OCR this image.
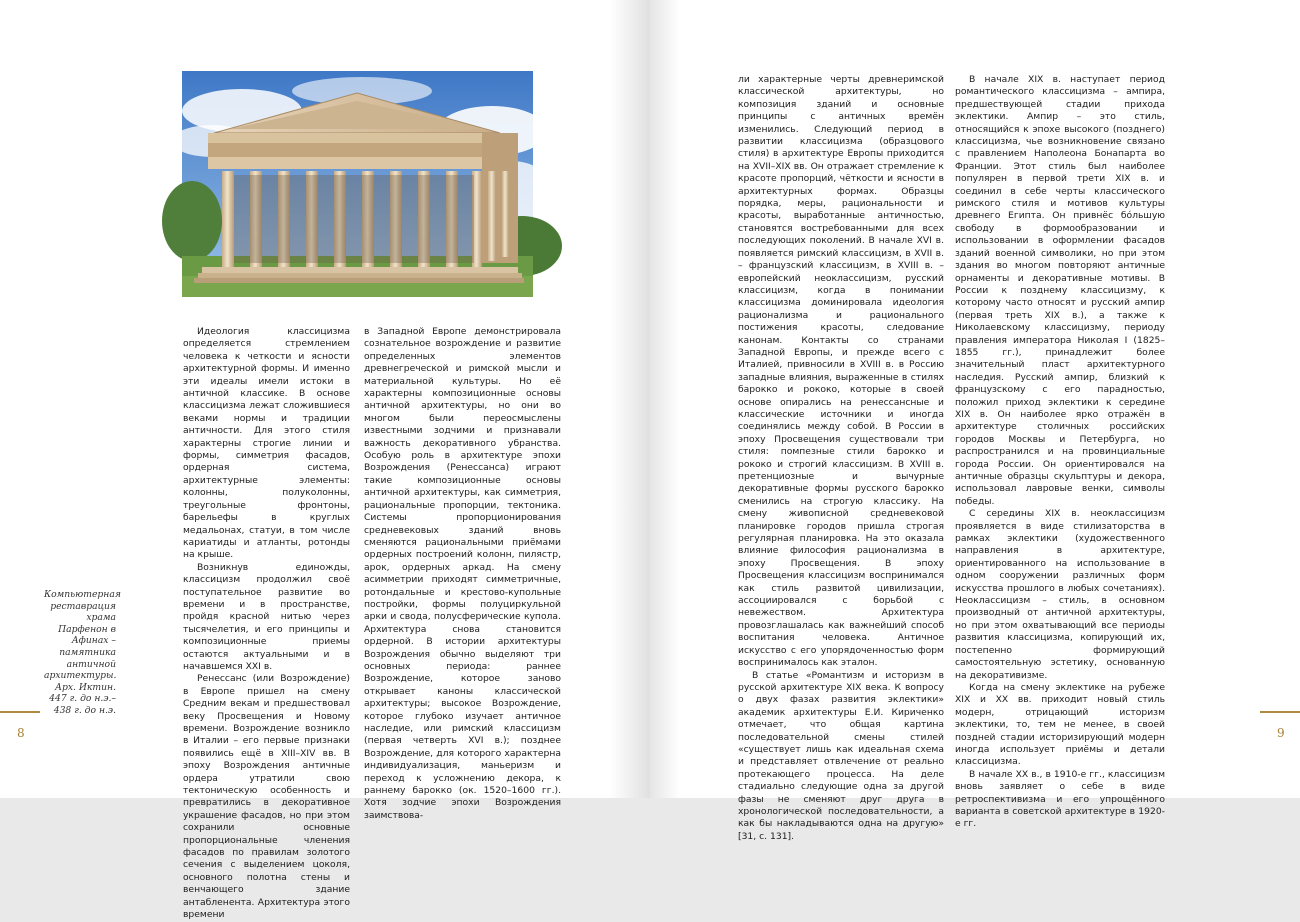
Идеология классицизма определяется стремлением человека к четкости и ясности архитектурной формы. И именно эти идеалы имели истоки в античной классике. В основе классицизма лежат сложившиеся веками нормы и традиции античности. Для этого стиля характерны строгие линии и формы, симметрия фасадов, ордерная система, архитектурные элементы: колонны, полуколонны, треугольные фронтоны, барельефы в круглых медальонах, статуи, в том числе кариатиды и атланты, ротонды на крыше.

Возникнув единожды, классицизм продолжил своё поступательное развитие во времени и в пространстве, пройдя красной нитью через тысячелетия, и его принципы и композиционные приемы остаются актуальными и в начавшемся XXI в.

Ренессанс (или Возрождение) в Европе пришел на смену Средним векам и предшествовал веку Просвещения и Новому времени. Возрождение возникло в Италии – его первые признаки появились ещё в XIII–XIV вв. В эпоху Возрождения античные ордера утратили свою тектоническую особенность и превратились в декоративное украшение фасадов, но при этом сохранили основные пропорциональные членения фасадов по правилам золотого сечения с выделением цоколя, основного полотна стены и венчающего здание антабленента. Архитектура этого времени

в Западной Европе демонстрировала сознательное возрождение и развитие определенных элементов древнегреческой и римской мысли и материальной культуры. Но её характерны композиционные основы античной архитектуры, но они во многом были переосмыслены известными зодчими и признавали важность декоративного убранства. Особую роль в архитектуре эпохи Возрождения (Ренессанса) играют такие композиционные основы античной архитектуры, как симметрия, рациональные пропорции, тектоника. Системы пропорционирования средневековых зданий вновь сменяются рациональными приёмами ордерных построений колонн, пилястр, арок, ордерных аркад. На смену асимметрии приходят симметричные, ротондальные и крестово-купольные постройки, формы полуциркульной арки и свода, полусферические купола. Архитектура снова становится ордерной. В истории архитектуры Возрождения обычно выделяют три основных периода: раннее Возрождение, которое заново открывает каноны классической архитектуры; высокое Возрождение, которое глубоко изучает античное наследие, или римский классицизм (первая четверть XVI в.); позднее Возрождение, для которого характерна индивидуализация, маньеризм и переход к усложнению декора, к раннему барокко (ок. 1520–1600 гг.). Хотя зодчие эпохи Возрождения заимствова-

Компьютерная реставрация храма Парфенон в Афинах – памятника античной архитектуры. Арх. Иктин. 447 г. до н.э.– 438 г. до н.э.
8

ли характерные черты древнеримской классической архитектуры, но композиция зданий и основные принципы с античных времён изменились. Следующий период в развитии классицизма (образцового стиля) в архитектуре Европы приходится на XVII–XIX вв. Он отражает стремление к красоте пропорций, чёткости и ясности в архитектурных формах. Образцы порядка, меры, рациональности и красоты, выработанные античностью, становятся востребованными для всех последующих поколений. В начале XVI в. появляется римский классицизм, в XVII в. – французский классицизм, в XVIII в. – европейский неоклассицизм, русский классицизм, когда в понимании классицизма доминировала идеология рационализма и рационального постижения красоты, следование канонам. Контакты со странами Западной Европы, и прежде всего с Италией, привносили в XVIII в. в Россию западные влияния, выраженные в стилях барокко и рококо, которые в своей основе опирались на ренессансные и классические источники и иногда соединялись между собой. В России в эпоху Просвещения существовали три стиля: помпезные стили барокко и рококо и строгий классицизм. В XVIII в. претенциозные и вычурные декоративные формы русского барокко сменились на строгую классику. На смену живописной средневековой планировке городов пришла строгая регулярная планировка. На это оказала влияние философия рационализма в эпоху Просвещения. В эпоху Просвещения классицизм воспринимался как стиль развитой цивилизации, ассоциировался с борьбой с невежеством. Архитектура провозглашалась как важнейший способ воспитания человека. Античное искусство с его упорядоченностью форм воспринималось как эталон.

В статье «Романтизм и историзм в русской архитектуре XIX века. К вопросу о двух фазах развития эклектики» академик архитектуры Е.И. Кириченко отмечает, что общая картина последовательной смены стилей «существует лишь как идеальная схема и представляет отвлечение от реально протекающего процесса. На деле стадиально следующие одна за другой фазы не сменяют друг друга в хронологической последовательности, а как бы накладываются одна на другую» [31, с. 131].

В начале XIX в. наступает период романтического классицизма – ампира, предшествующей стадии прихода эклектики. Ампир – это стиль, относящийся к эпохе высокого (позднего) классицизма, чье возникновение связано с правлением Наполеона Бонапарта во Франции. Этот стиль был наиболее популярен в первой трети XIX в. и соединил в себе черты классического римского стиля и мотивов культуры древнего Египта. Он привнёс бóльшую свободу в формообразовании и использовании в оформлении фасадов зданий военной символики, но при этом здания во многом повторяют античные орнаменты и декоративные мотивы. В России к позднему классицизму, к которому часто относят и русский ампир (первая треть XIX в.), а также к Николаевскому классицизму, периоду правления императора Николая I (1825–1855 гг.), принадлежит более значительный пласт архитектурного наследия. Русский ампир, близкий к французскому с его парадностью, положил приход эклектики к середине XIX в. Он наиболее ярко отражён в архитектуре столичных российских городов Москвы и Петербурга, но распространился и на провинциальные города России. Он ориентировался на античные образцы скульптуры и декора, использовал лавровые венки, символы победы.

С середины XIX в. неоклассицизм проявляется в виде стилизаторства в рамках эклектики (художественного направления в архитектуре, ориентированного на использование в одном сооружении различных форм искусства прошлого в любых сочетаниях). Неоклассицизм – стиль, в основном производный от античной архитектуры, но при этом охватывающий все периоды развития классицизма, копирующий их, постепенно формирующий самостоятельную эстетику, основанную на декоративизме.

Когда на смену эклектике на рубеже XIX и XX вв. приходит новый стиль модерн, отрицающий историзм эклектики, то, тем не менее, в своей поздней стадии историзирующий модерн иногда использует приёмы и детали классицизма.

В начале XX в., в 1910-е гг., классицизм вновь заявляет о себе в виде ретроспективизма и его упрощённого варианта в советской архитектуре в 1920-е гг.

9
